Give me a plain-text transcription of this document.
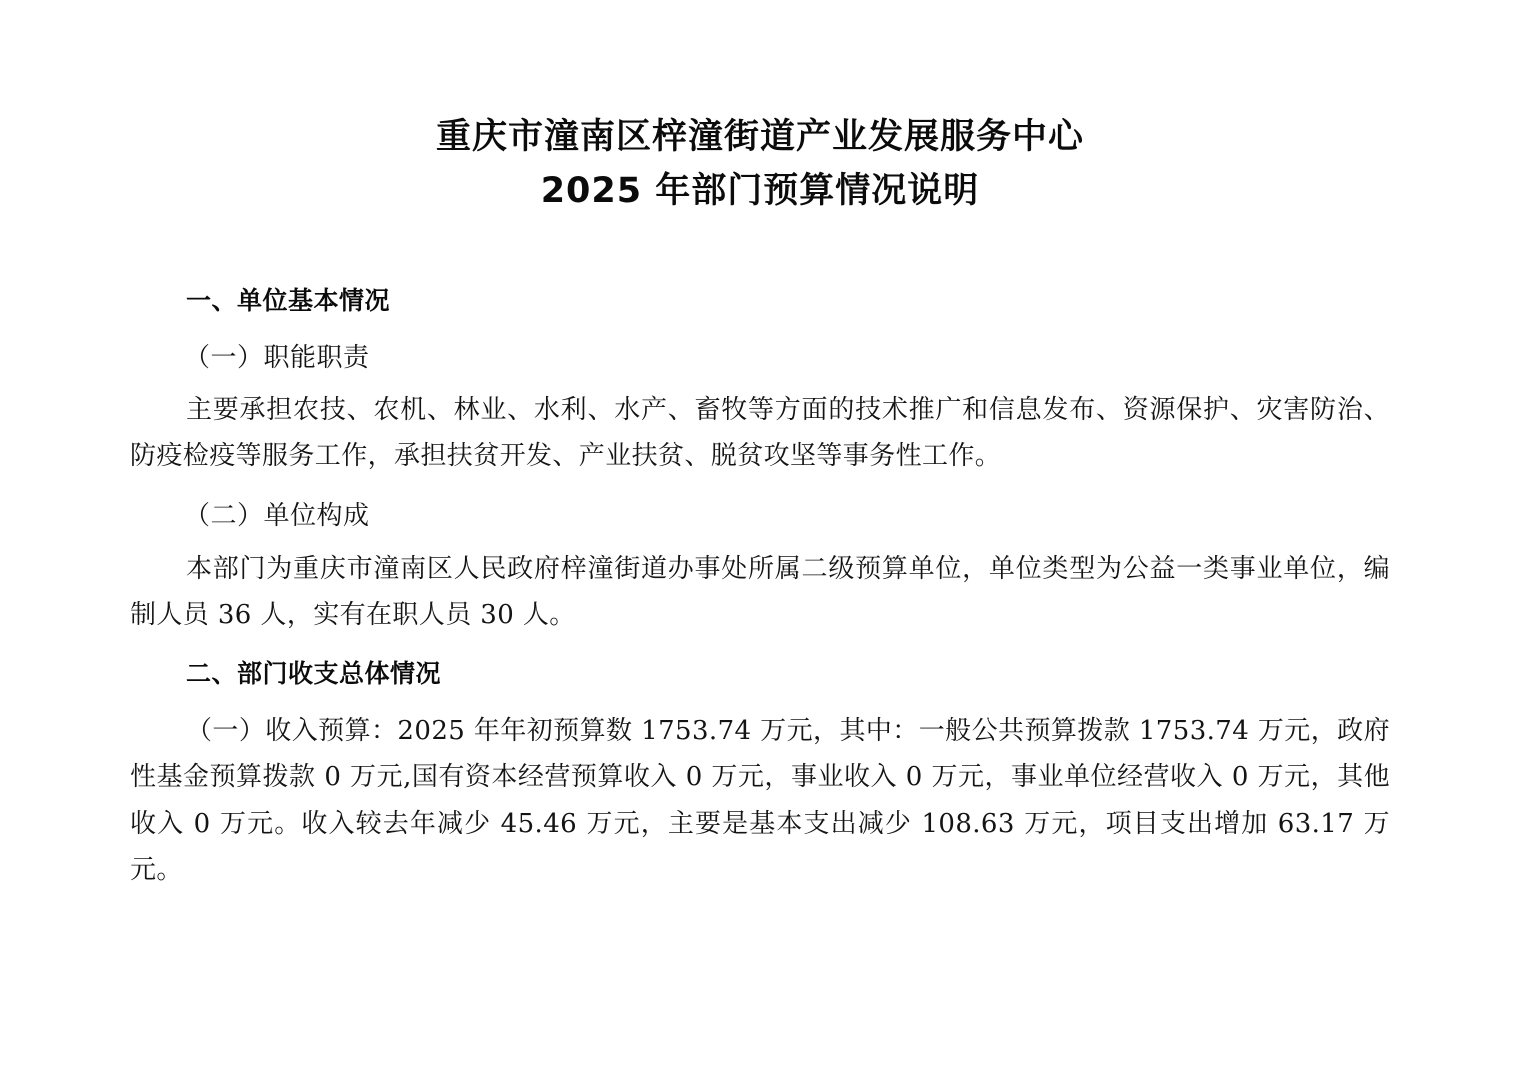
重庆市潼南区梓潼街道产业发展服务中心
2025 年部门预算情况说明
一、单位基本情况
（一）职能职责
主要承担农技、农机、林业、水利、水产、畜牧等方面的技术推广和信息发布、资源保护、灾害防治、防疫检疫等服务工作，承担扶贫开发、产业扶贫、脱贫攻坚等事务性工作。
（二）单位构成
本部门为重庆市潼南区人民政府梓潼街道办事处所属二级预算单位，单位类型为公益一类事业单位，编制人员 36 人，实有在职人员 30 人。
二、部门收支总体情况
（一）收入预算：2025 年年初预算数 1753.74 万元，其中：一般公共预算拨款 1753.74 万元，政府性基金预算拨款 0 万元,国有资本经营预算收入 0 万元，事业收入 0 万元，事业单位经营收入 0 万元，其他收入 0 万元。收入较去年减少 45.46 万元，主要是基本支出减少 108.63 万元，项目支出增加 63.17 万元。
